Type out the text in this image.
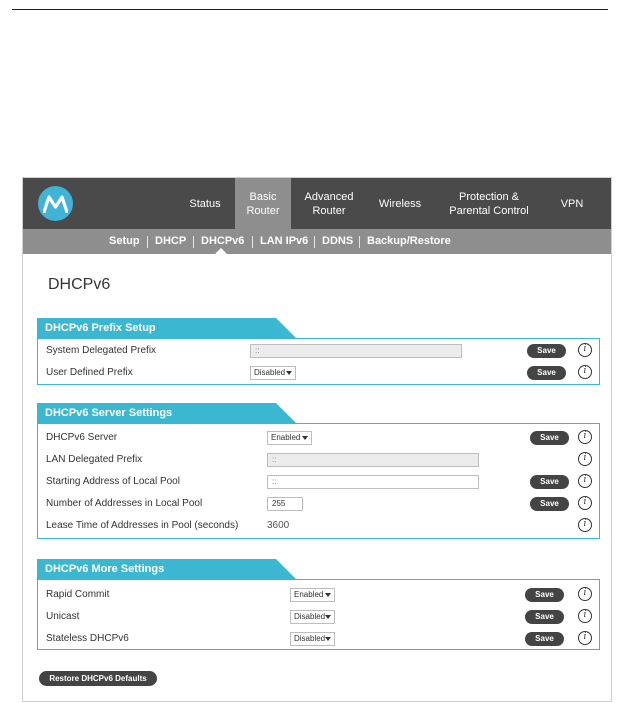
Status
Basic
Router
Advanced
Router
Wireless
Protection &
Parental Control
VPN
Setup DHCP DHCPv6 LAN IPv6 DDNS Backup/Restore
DHCPv6
DHCPv6 Prefix Setup
System Delegated Prefix	::	Save	i
User Defined Prefix	Disabled	Save	i
DHCPv6 Server Settings
DHCPv6 Server	Enabled	Save	i
LAN Delegated Prefix	::	i
Starting Address of Local Pool	::	Save	i
Number of Addresses in Local Pool	255	Save	i
Lease Time of Addresses in Pool (seconds)	3600	i
DHCPv6 More Settings
Rapid Commit	Enabled	Save	i
Unicast	Disabled	Save	i
Stateless DHCPv6	Disabled	Save	i
Restore DHCPv6 Defaults
